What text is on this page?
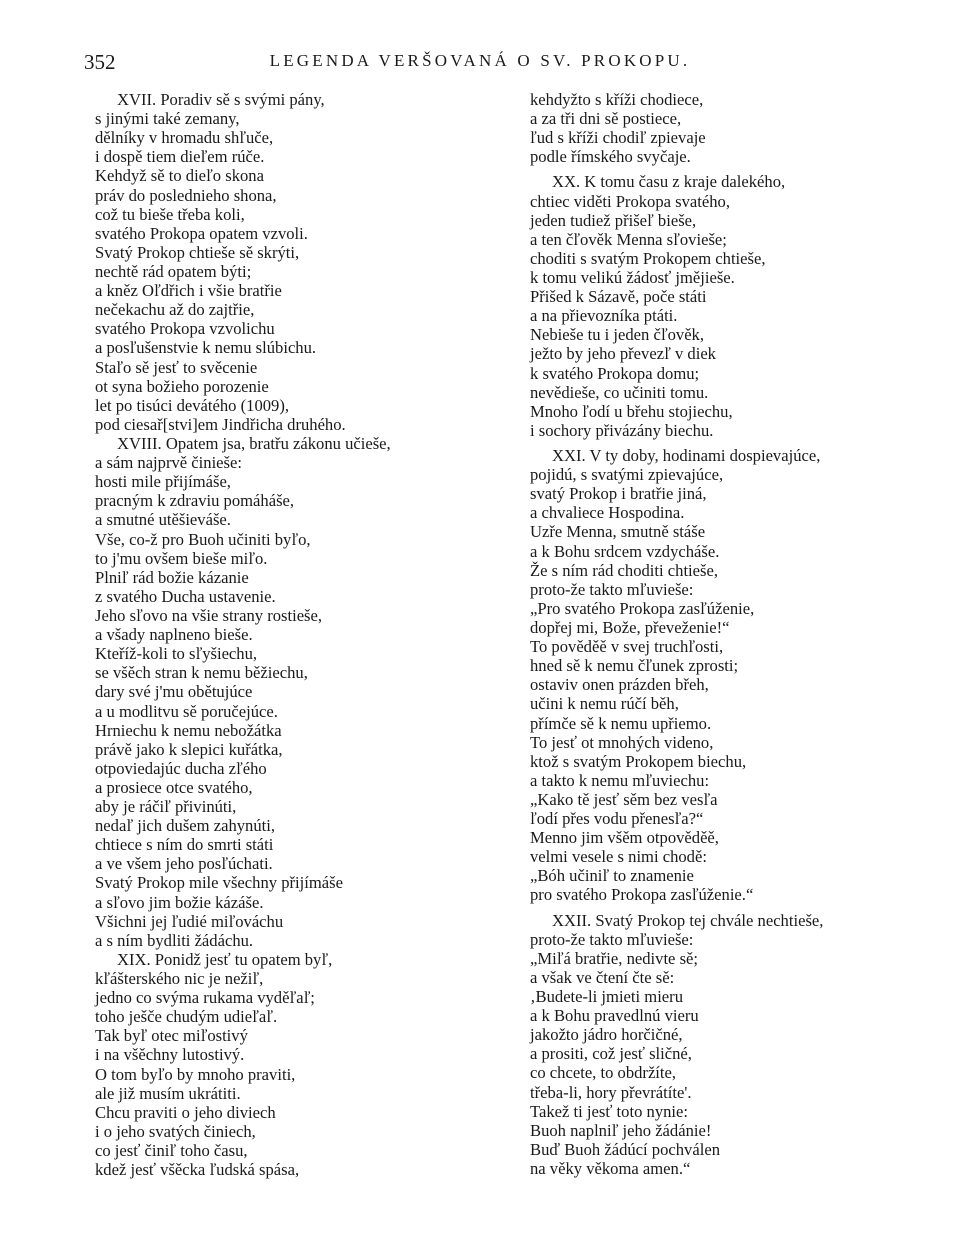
352	LEGENDA VERŠOVANÁ O SV. PROKOPU.
XVII. Poradiv sě s svými pány,
s jinými také zemany,
dělníky v hromadu shľuče,
i dospě tiem dieľem rúče.
Kehdyž sě to dieľo skona
práv do poslednieho shona,
což tu bieše třeba koli,
svatého Prokopa opatem vzvoli.
Svatý Prokop chtieše sě skrýti,
nechtě rád opatem býti;
a kněz Oľdřich i všie bratřie
nečekachu až do zajtřie,
svatého Prokopa vzvolichu
a posľušenstvie k nemu slúbichu.
Staľo sě jesť to svěcenie
ot syna božieho porozenie
let po tisúci devátého (1009),
pod ciesař[stvi]em Jindřicha druhého.
XVIII. Opatem jsa, bratřu zákonu učieše,
a sám najprvě činieše:
hosti mile přijímáše,
pracným k zdraviu pomáháše,
a smutné utěšieváše.
Vše, co-ž pro Buoh učiniti byľo,
to j'mu ovšem bieše miľo.
Plniľ rád božie kázanie
z svatého Ducha ustavenie.
Jeho sľovo na všie strany rostieše,
a všady naplneno bieše.
Kteříž-koli to sľyšiechu,
se všěch stran k nemu běžiechu,
dary své j'mu obětujúce
a u modlitvu sě poručejúce.
Hrniechu k nemu nebožátka
právě jako k slepici kuřátka,
otpoviedajúc ducha zľého
a prosiece otce svatého,
aby je ráčiľ přivinúti,
nedaľ jich dušem zahynúti,
chtiece s ním do smrti státi
a ve všem jeho posľúchati.
Svatý Prokop mile všechny přijímáše
a sľovo jim božie kázáše.
Všichni jej ľudié miľováchu
a s ním bydliti žádáchu.
XIX. Ponidž jesť tu opatem byľ,
kľášterského nic je nežiľ,
jedno co svýma rukama vyděľaľ;
toho ješče chudým udieľaľ.
Tak byľ otec miľostivý
i na všěchny lutostivý.
O tom byľo by mnoho praviti,
ale již musím ukrátiti.
Chcu praviti o jeho diviech
i o jeho svatých činiech,
co jesť činiľ toho času,
kdež jesť všěcka ľudská spása,
kehdyžto s kříži chodiece,
a za tři dni sě postiece,
ľud s kříži chodiľ zpievaje
podle římského svyčaje.
XX. K tomu času z kraje dalekého,
chtiec viděti Prokopa svatého,
jeden tudiež přišeľ bieše,
a ten čľověk Menna sľovieše;
choditi s svatým Prokopem chtieše,
k tomu velikú žádosť jmějieše.
Přišed k Sázavě, poče státi
a na přievozníka ptáti.
Nebieše tu i jeden čľověk,
ježto by jeho převezľ v diek
k svatého Prokopa domu;
nevědieše, co učiniti tomu.
Mnoho ľodí u břehu stojiechu,
i sochory přivázány biechu.
XXI. V ty doby, hodinami dospievajúce,
pojidú, s svatými zpievajúce,
svatý Prokop i bratřie jiná,
a chvaliece Hospodina.
Uzře Menna, smutně stáše
a k Bohu srdcem vzdycháše.
Že s ním rád choditi chtieše,
proto-že takto mľuvieše:
„Pro svatého Prokopa zasľúženie,
dopřej mi, Bože, převeženie!“
To pověděě v svej truchľosti,
hned sě k nemu čľunek zprosti;
ostaviv onen prázden břeh,
učini k nemu rúčí běh,
přímče sě k nemu upřiemo.
To jesť ot mnohých videno,
ktož s svatým Prokopem biechu,
a takto k nemu mľuviechu:
„Kako tě jesť sěm bez vesľa
ľodí přes vodu přenesľa?“
Menno jim všěm otpověděě,
velmi vesele s nimi chodě:
„Bóh učiniľ to znamenie
pro svatého Prokopa zasľúženie.“
XXII. Svatý Prokop tej chvále nechtieše,
proto-že takto mľuvieše:
„Miľá bratřie, nedivte sě;
a však ve čtení čte sě:
‚Budete-li jmieti mieru
a k Bohu pravedlnú vieru
jakožto jádro horčičné,
a prositi, což jesť sličné,
co chcete, to obdržíte,
třeba-li, hory převrátíte'.
Takež ti jesť toto nynie:
Buoh naplniľ jeho žádánie!
Buď Buoh žádúcí pochválen
na věky věkoma amen.“
